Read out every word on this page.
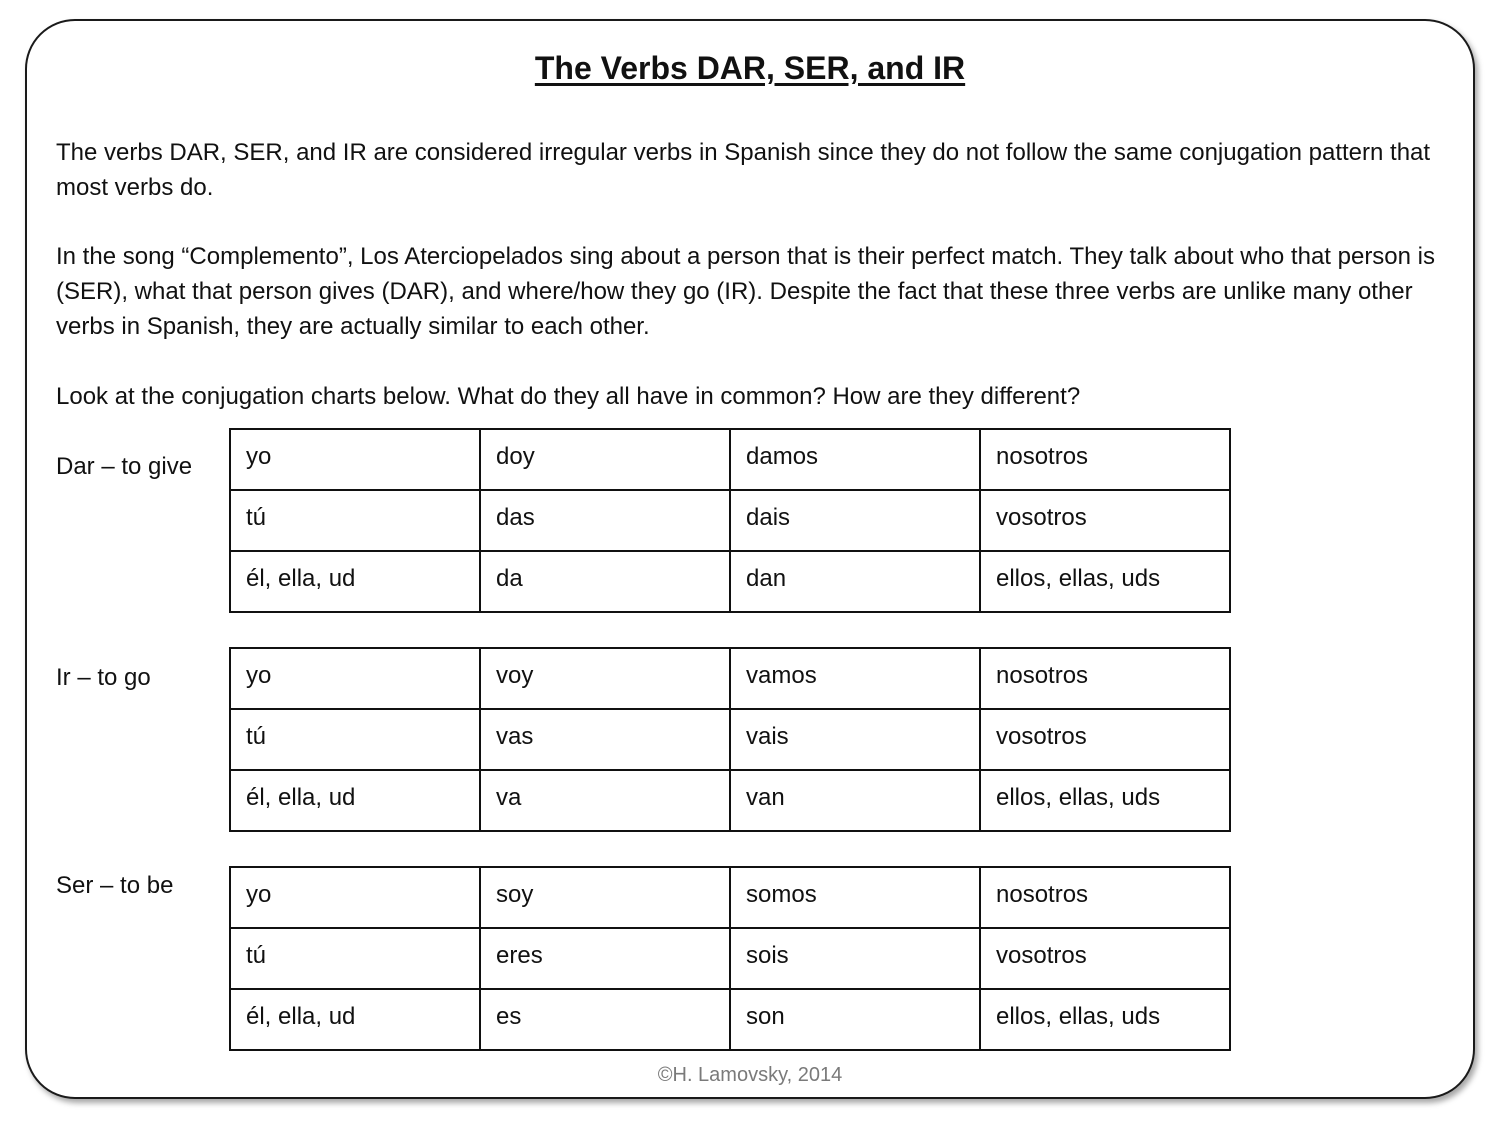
The Verbs DAR, SER, and IR

The verbs DAR, SER, and IR are considered irregular verbs in Spanish since they do not follow the same conjugation pattern that most verbs do.

In the song “Complemento”, Los Aterciopelados sing about a person that is their perfect match. They talk about who that person is (SER), what that person gives (DAR), and where/how they go (IR). Despite the fact that these three verbs are unlike many other verbs in Spanish, they are actually similar to each other.

Look at the conjugation charts below. What do they all have in common? How are they different?

Dar – to give yo	doy	damos	nosotros
tú	das	dais	vosotros
él, ella, ud	da	dan	ellos, ellas, uds
Ir – to go	yo	voy	vamos	nosotros
tú	vas	vais	vosotros
él, ella, ud	va	van	ellos, ellas, uds
Ser – to be	yo	soy	somos	nosotros
tú	eres	sois	vosotros
él, ella, ud	es	son	ellos, ellas, uds
©H. Lamovsky, 2014
